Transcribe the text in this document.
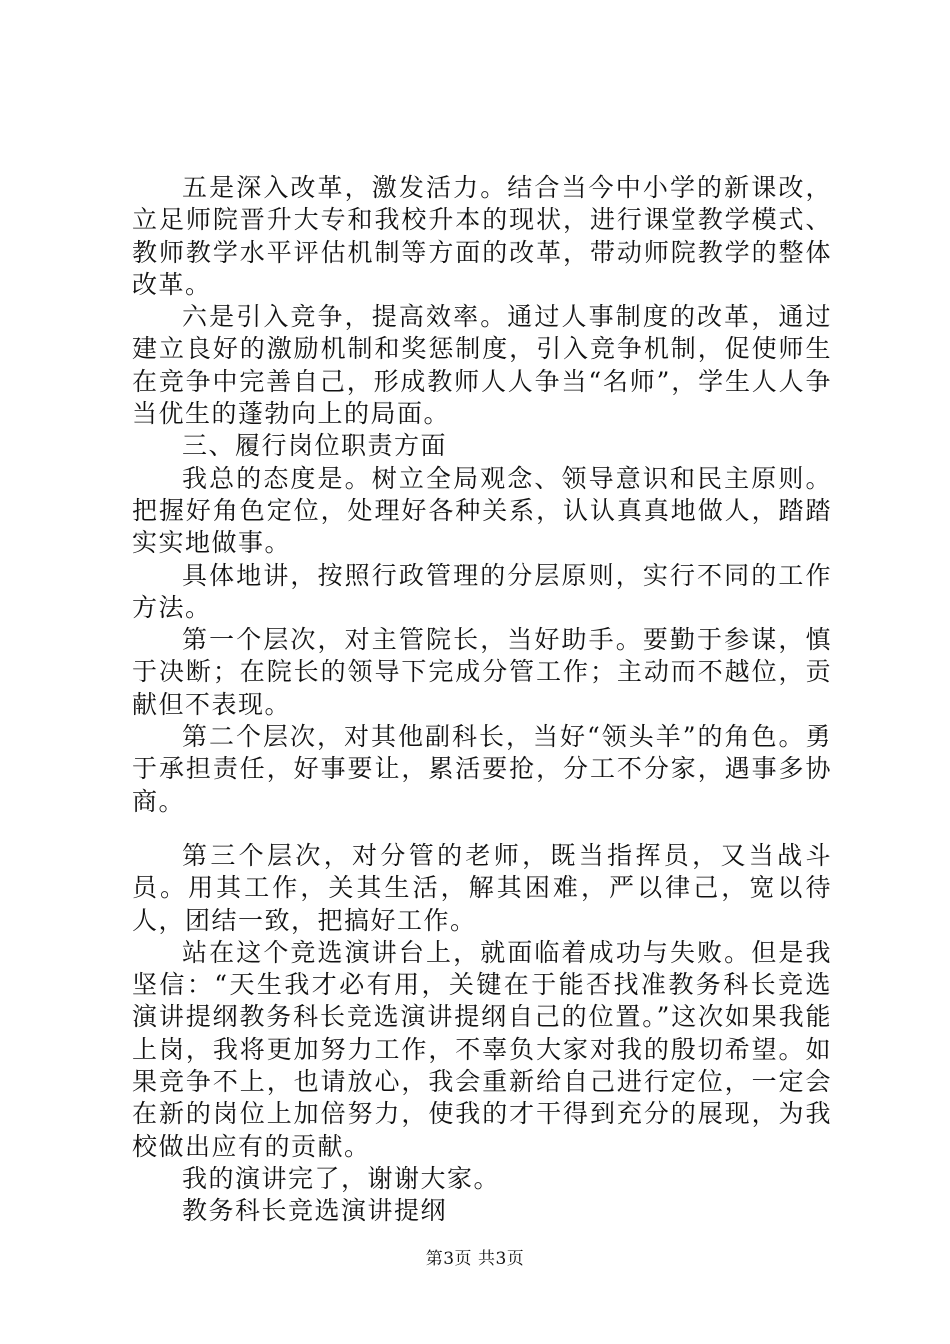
五是深入改革，激发活力。结合当今中小学的新课改，立足师院晋升大专和我校升本的现状，进行课堂教学模式、教师教学水平评估机制等方面的改革，带动师院教学的整体改革。

六是引入竞争，提高效率。通过人事制度的改革，通过建立良好的激励机制和奖惩制度，引入竞争机制，促使师生在竞争中完善自己，形成教师人人争当“名师”，学生人人争当优生的蓬勃向上的局面。

三、履行岗位职责方面

我总的态度是。树立全局观念、领导意识和民主原则。把握好角色定位，处理好各种关系，认认真真地做人，踏踏实实地做事。

具体地讲，按照行政管理的分层原则，实行不同的工作方法。

第一个层次，对主管院长，当好助手。要勤于参谋，慎于决断；在院长的领导下完成分管工作；主动而不越位，贡献但不表现。

第二个层次，对其他副科长，当好“领头羊”的角色。勇于承担责任，好事要让，累活要抢，分工不分家，遇事多协商。

第三个层次，对分管的老师，既当指挥员，又当战斗员。用其工作，关其生活，解其困难，严以律己，宽以待人，团结一致，把搞好工作。

站在这个竞选演讲台上，就面临着成功与失败。但是我坚信：“天生我才必有用，关键在于能否找准教务科长竞选演讲提纲教务科长竞选演讲提纲自己的位置。”这次如果我能上岗，我将更加努力工作，不辜负大家对我的殷切希望。如果竞争不上，也请放心，我会重新给自己进行定位，一定会在新的岗位上加倍努力，使我的才干得到充分的展现，为我校做出应有的贡献。

我的演讲完了，谢谢大家。

教务科长竞选演讲提纲

第3页 共3页
